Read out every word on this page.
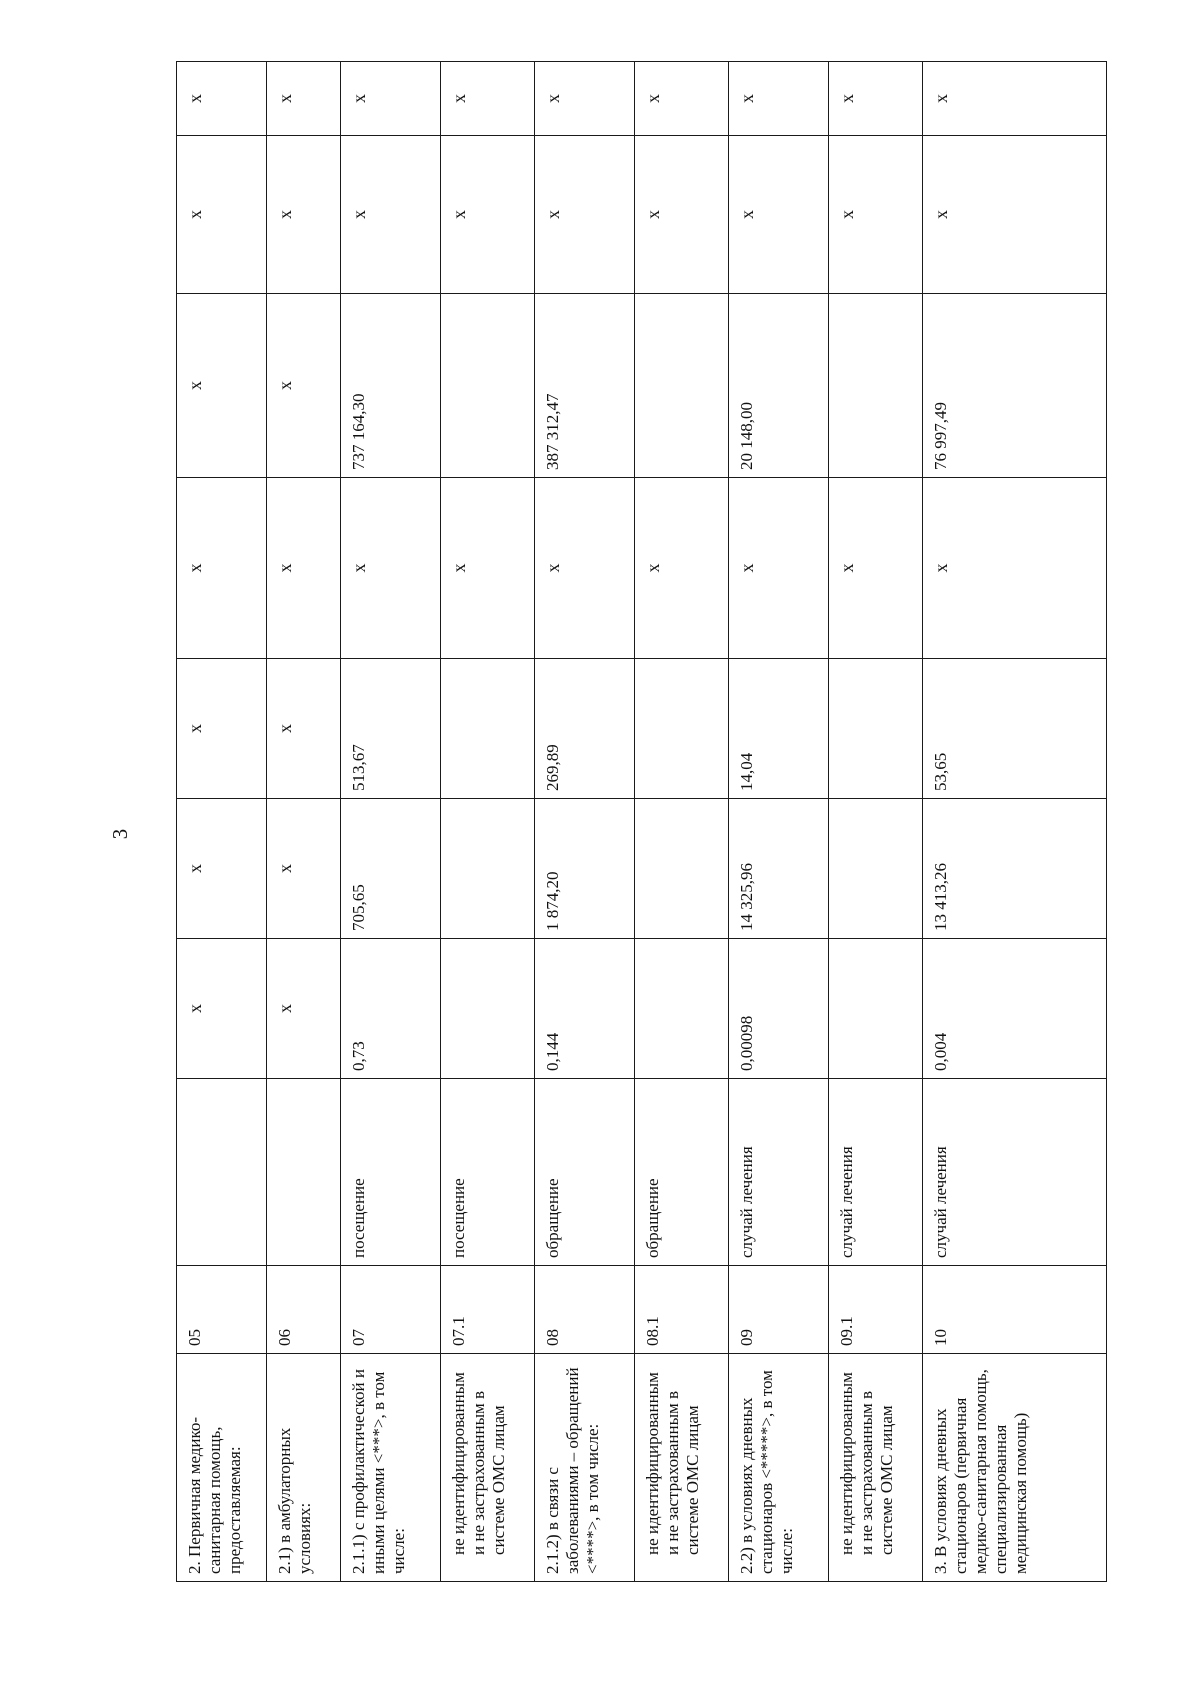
3
2. Первичная медико-санитарная помощь, предоставляемая:	05		х	х	х	х	х	х	х
2.1) в амбулаторных условиях:	06		х	х	х	х	х	х	х
2.1.1) с профилактической и иными целями <***>, в том числе:	07	посещение	0,73	705,65	513,67	х	737 164,30	х	х
не идентифицированным и не застрахованным в системе ОМС лицам	07.1	посещение				х		х	х
2.1.2) в связи с заболеваниями – обращений <****>, в том числе:	08	обращение	0,144	1 874,20	269,89	х	387 312,47	х	х
не идентифицированным и не застрахованным в системе ОМС лицам	08.1	обращение				х		х	х
2.2) в условиях дневных стационаров <*****>, в том числе:	09	случай лечения	0,00098	14 325,96	14,04	х	20 148,00	х	х
не идентифицированным и не застрахованным в системе ОМС лицам	09.1	случай лечения				х		х	х
3. В условиях дневных стационаров (первичная медико-санитарная помощь, специализированная медицинская помощь)	10	случай лечения	0,004	13 413,26	53,65	х	76 997,49	х	х
